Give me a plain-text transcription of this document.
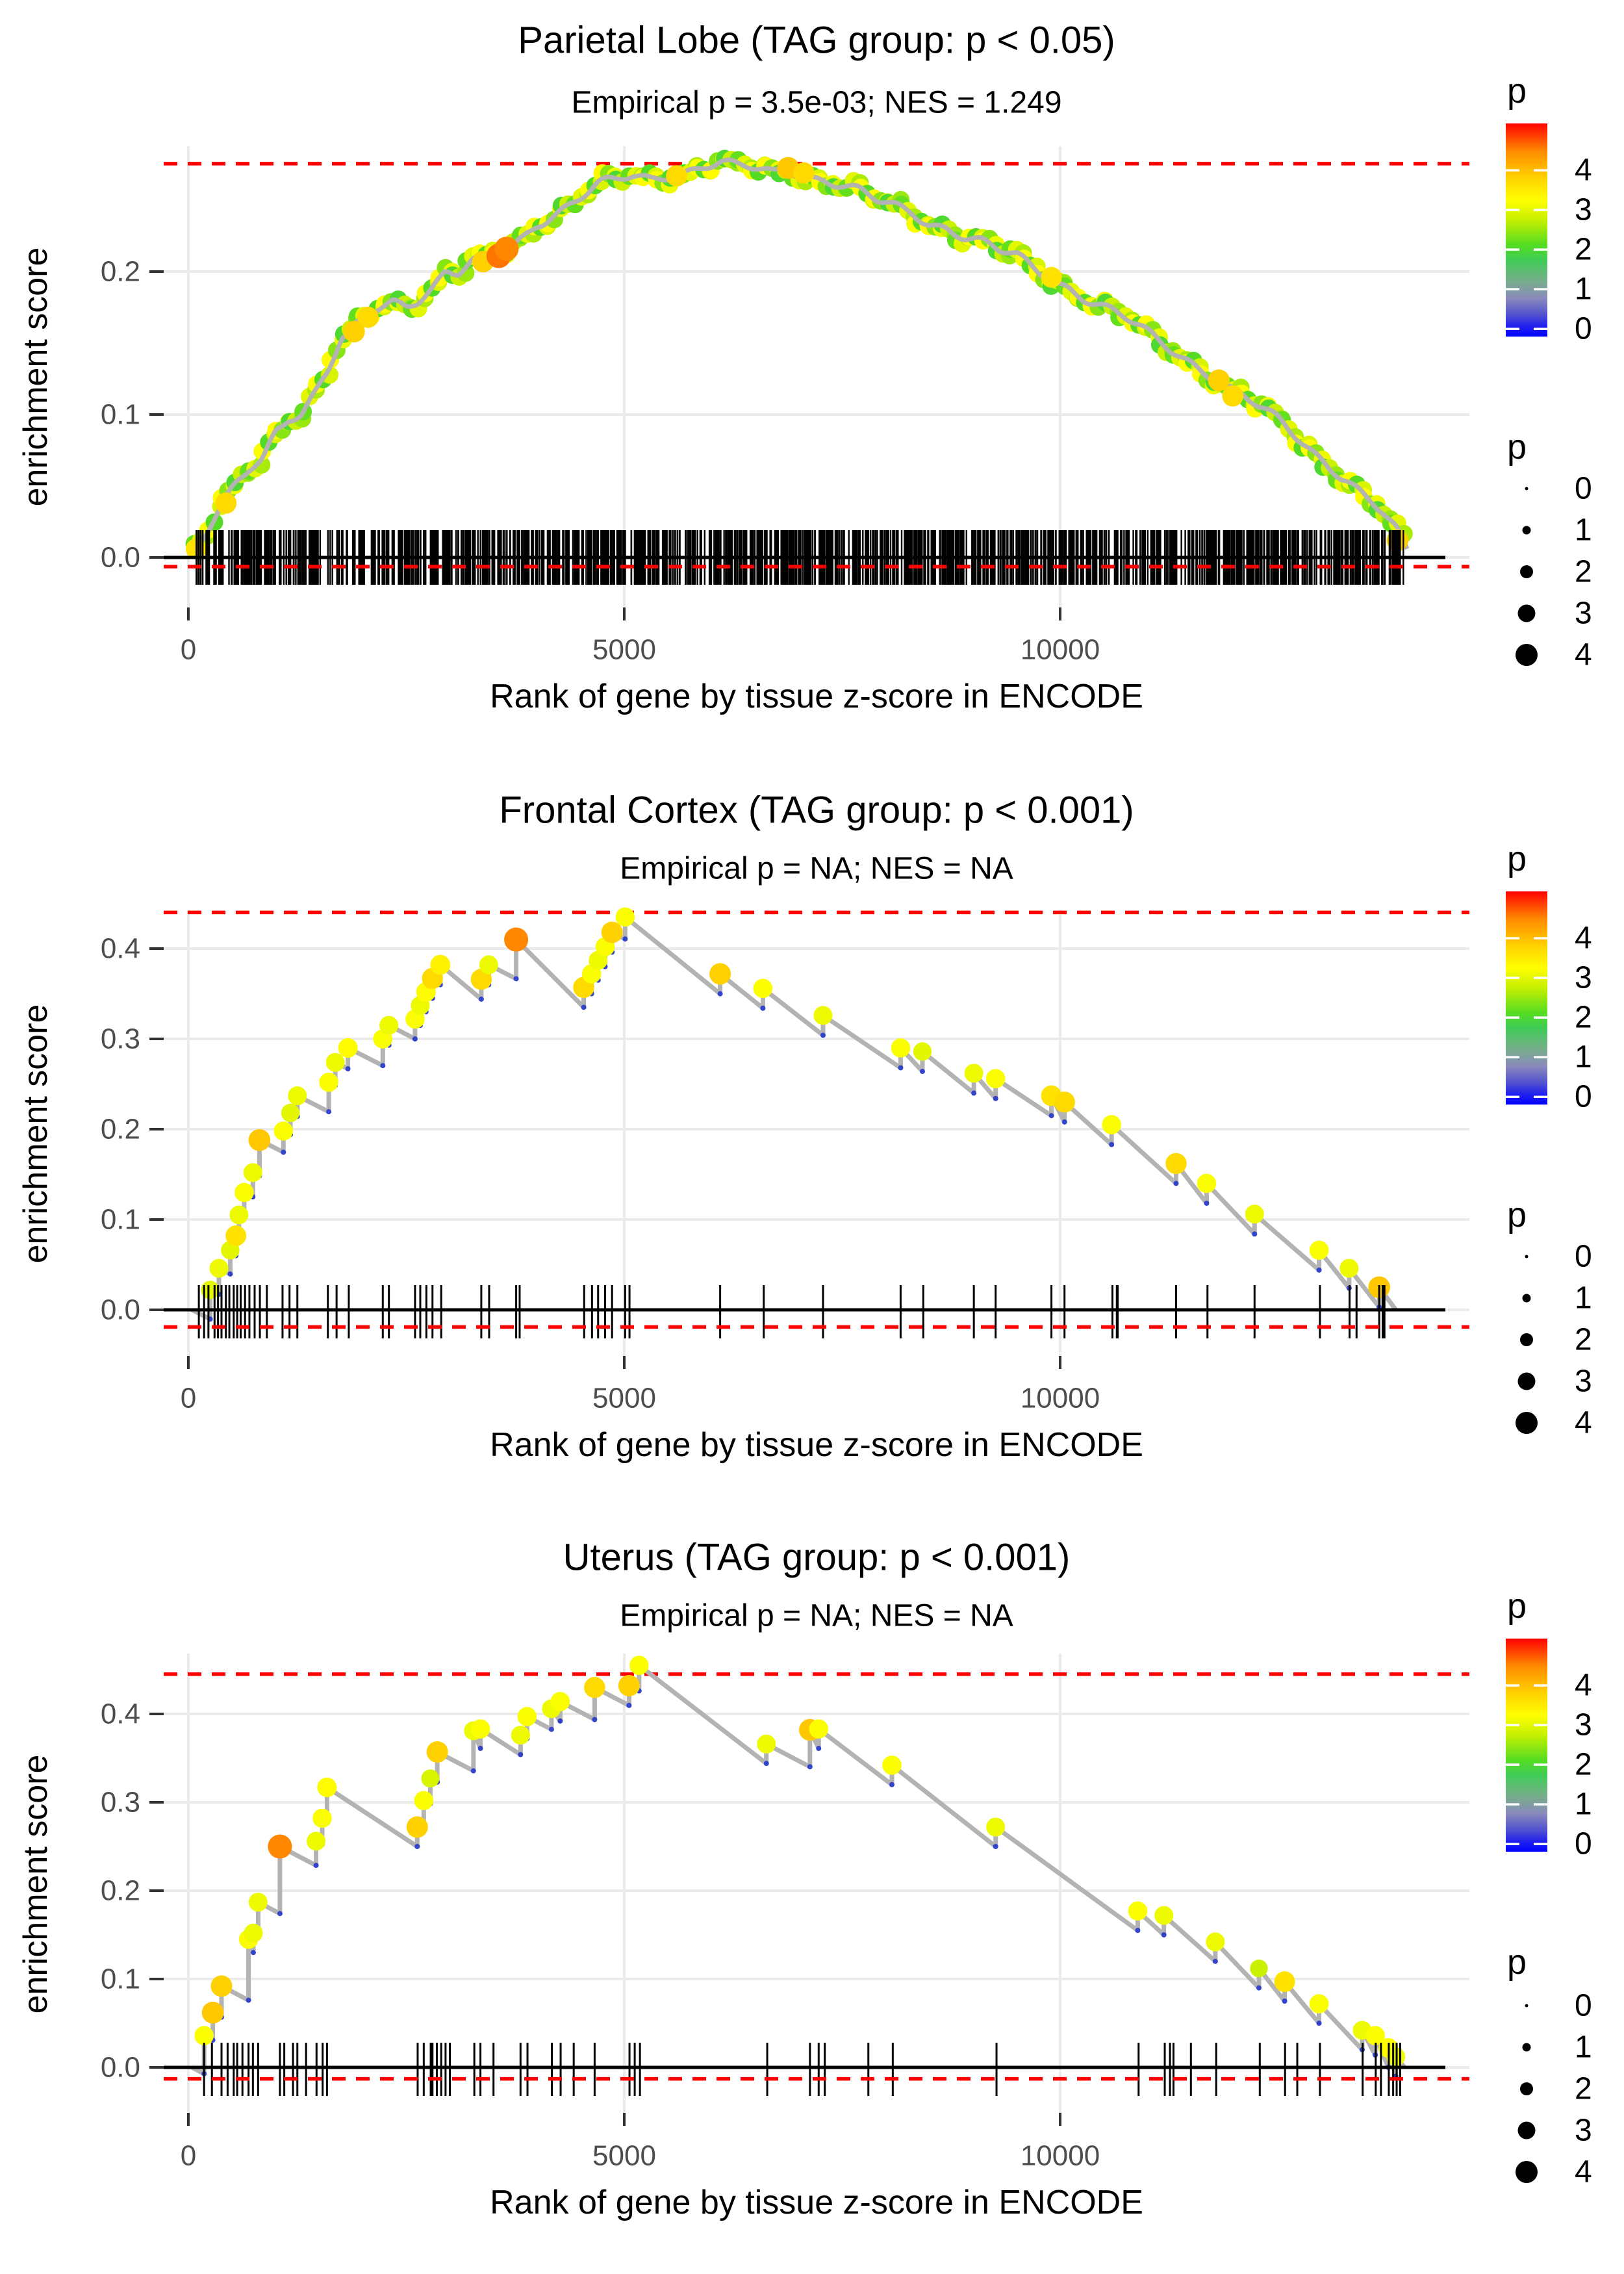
Parietal Lobe (TAG group: p < 0.05)
Empirical p = 3.5e-03; NES = 1.249
0	5000	10000
0.0
0.1
0.2
Rank of gene by tissue z-score in ENCODE
enrichment score
p
4
3
2
1
0
p
0
1
2
3
4
Frontal Cortex (TAG group: p < 0.001)
Empirical p = NA; NES = NA
0	5000	10000
0.0
0.1
0.2
0.3
0.4
Rank of gene by tissue z-score in ENCODE
enrichment score
p
4
3
2
1
0
p
0
1
2
3
4
Uterus (TAG group: p < 0.001)
Empirical p = NA; NES = NA
0	5000	10000
0.0
0.1
0.2
0.3
0.4
Rank of gene by tissue z-score in ENCODE
enrichment score
p
4
3
2
1
0
p
0
1
2
3
4
